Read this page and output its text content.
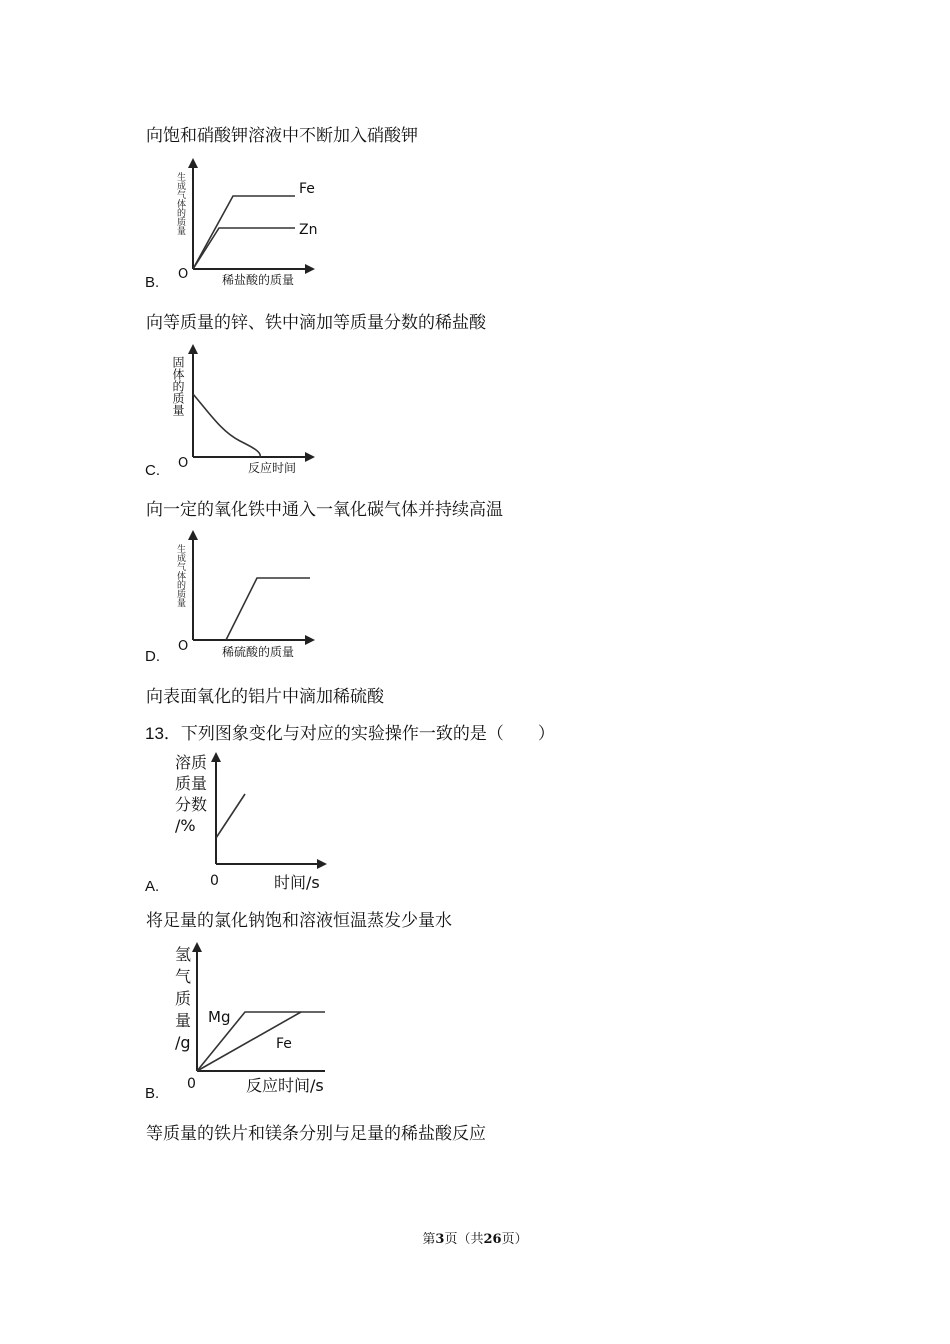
向饱和硝酸钾溶液中不断加入硝酸钾
Fe
Zn
O	稀盐酸的质量
生成气体的质量
B.
向等质量的锌、铁中滴加等质量分数的稀盐酸
O	反应时间
固体的质量
C.
向一定的氧化铁中通入一氧化碳气体并持续高温
O	稀硫酸的质量
生成气体的质量
D.
向表面氧化的铝片中滴加稀硫酸
13．下列图象变化与对应的实验操作一致的是（　　）
溶质质量分数/%
0	时间/s
A.
将足量的氯化钠饱和溶液恒温蒸发少量水
Mg
Fe
氢气质量/g
0	反应时间/s
B.
等质量的铁片和镁条分别与足量的稀盐酸反应
第3页（共26页）
